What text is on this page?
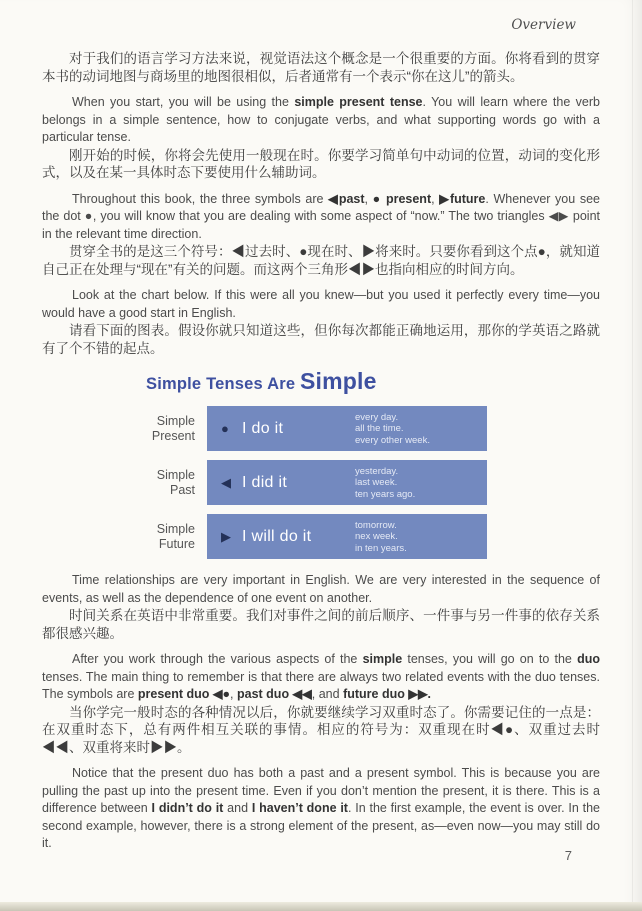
Overview

对于我们的语言学习方法来说，视觉语法这个概念是一个很重要的方面。你将看到的贯穿本书的动词地图与商场里的地图很相似，后者通常有一个表示“你在这儿”的箭头。

When you start, you will be using the simple present tense. You will learn where the verb belongs in a simple sentence, how to conjugate verbs, and what supporting words go with a particular tense.

刚开始的时候，你将会先使用一般现在时。你要学习简单句中动词的位置，动词的变化形式，以及在某一具体时态下要使用什么辅助词。

Throughout this book, the three symbols are ◀past, ● present, ▶future. Whenever you see the dot ●, you will know that you are dealing with some aspect of “now.” The two triangles ◀▶ point in the relevant time direction.

贯穿全书的是这三个符号：◀过去时、●现在时、▶将来时。只要你看到这个点●，就知道自己正在处理与“现在”有关的问题。而这两个三角形◀▶也指向相应的时间方向。

Look at the chart below. If this were all you knew—but you used it perfectly every time—you would have a good start in English.

请看下面的图表。假设你就只知道这些，但你每次都能正确地运用，那你的学英语之路就有了个不错的起点。

Simple Tenses Are Simple
Simple
Present ● I do it
every day.
all the time.
every other week.
Simple
Past ◀ I did it
yesterday.
last week.
ten years ago.
Simple
Future ▶ I will do it
tomorrow.
nex week.
in ten years.

Time relationships are very important in English. We are very interested in the sequence of events, as well as the dependence of one event on another.

时间关系在英语中非常重要。我们对事件之间的前后顺序、一件事与另一件事的依存关系都很感兴趣。

After you work through the various aspects of the simple tenses, you will go on to the duo tenses. The main thing to remember is that there are always two related events with the duo tenses. The symbols are present duo ◀●, past duo ◀◀, and future duo ▶▶.

当你学完一般时态的各种情况以后，你就要继续学习双重时态了。你需要记住的一点是：在双重时态下，总有两件相互关联的事情。相应的符号为：双重现在时◀●、双重过去时◀◀、双重将来时▶▶。

Notice that the present duo has both a past and a present symbol. This is because you are pulling the past up into the present time. Even if you don’t mention the present, it is there. This is a difference between I didn’t do it and I haven’t done it. In the first example, the event is over. In the second example, however, there is a strong element of the present, as—even now—you may still do it.

7
